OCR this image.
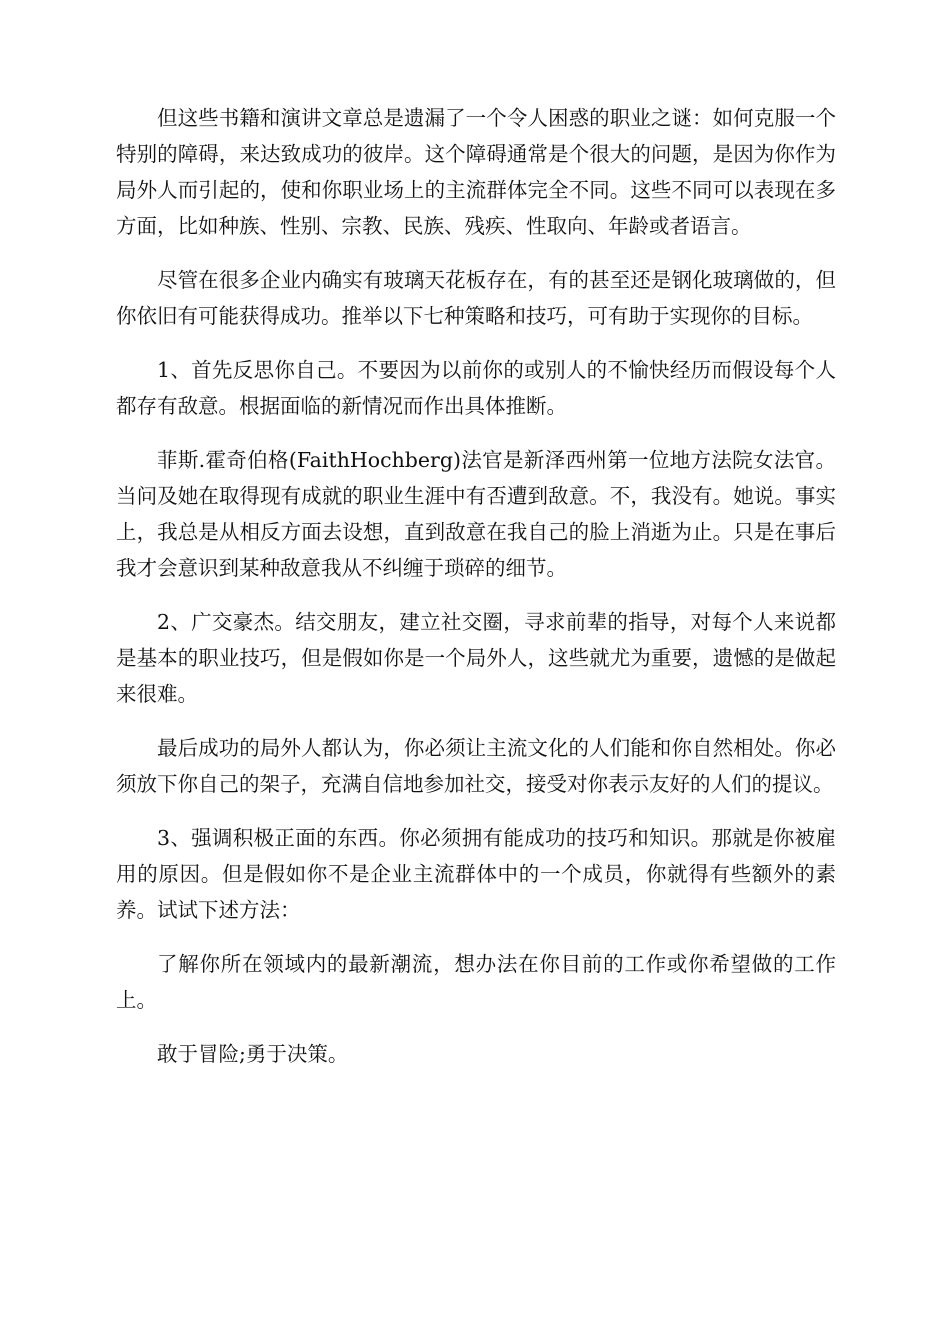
但这些书籍和演讲文章总是遗漏了一个令人困惑的职业之谜：如何克服一个特别的障碍，来达致成功的彼岸。这个障碍通常是个很大的问题，是因为你作为局外人而引起的，使和你职业场上的主流群体完全不同。这些不同可以表现在多方面，比如种族、性别、宗教、民族、残疾、性取向、年龄或者语言。

尽管在很多企业内确实有玻璃天花板存在，有的甚至还是钢化玻璃做的，但你依旧有可能获得成功。推举以下七种策略和技巧，可有助于实现你的目标。

1、首先反思你自己。不要因为以前你的或别人的不愉快经历而假设每个人都存有敌意。根据面临的新情况而作出具体推断。

菲斯.霍奇伯格(FaithHochberg)法官是新泽西州第一位地方法院女法官。当问及她在取得现有成就的职业生涯中有否遭到敌意。不，我没有。她说。事实上，我总是从相反方面去设想，直到敌意在我自己的脸上消逝为止。只是在事后我才会意识到某种敌意我从不纠缠于琐碎的细节。

2、广交豪杰。结交朋友，建立社交圈，寻求前辈的指导，对每个人来说都是基本的职业技巧，但是假如你是一个局外人，这些就尤为重要，遗憾的是做起来很难。

最后成功的局外人都认为，你必须让主流文化的人们能和你自然相处。你必须放下你自己的架子，充满自信地参加社交，接受对你表示友好的人们的提议。

3、强调积极正面的东西。你必须拥有能成功的技巧和知识。那就是你被雇用的原因。但是假如你不是企业主流群体中的一个成员，你就得有些额外的素养。试试下述方法：

了解你所在领域内的最新潮流，想办法在你目前的工作或你希望做的工作上。

敢于冒险;勇于决策。
